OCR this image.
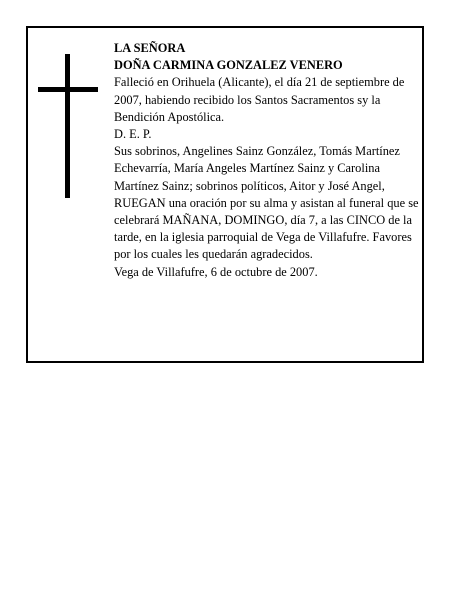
LA SEÑORA

DOÑA CARMINA GONZALEZ VENERO

Falleció en Orihuela (Alicante), el día 21 de septiembre de 2007, habiendo recibido los Santos Sacramentos sy la Bendición Apostólica.

D. E. P.

Sus sobrinos, Angelines Sainz González, Tomás Martínez Echevarría, María Angeles Martínez Sainz y Carolina Martínez Sainz; sobrinos políticos, Aitor y José Angel,

RUEGAN una oración por su alma y asistan al funeral que se celebrará MAÑANA, DOMINGO, día 7, a las CINCO de la tarde, en la iglesia parroquial de Vega de Villafufre. Favores por los cuales les quedarán agradecidos.

Vega de Villafufre, 6 de octubre de 2007.
